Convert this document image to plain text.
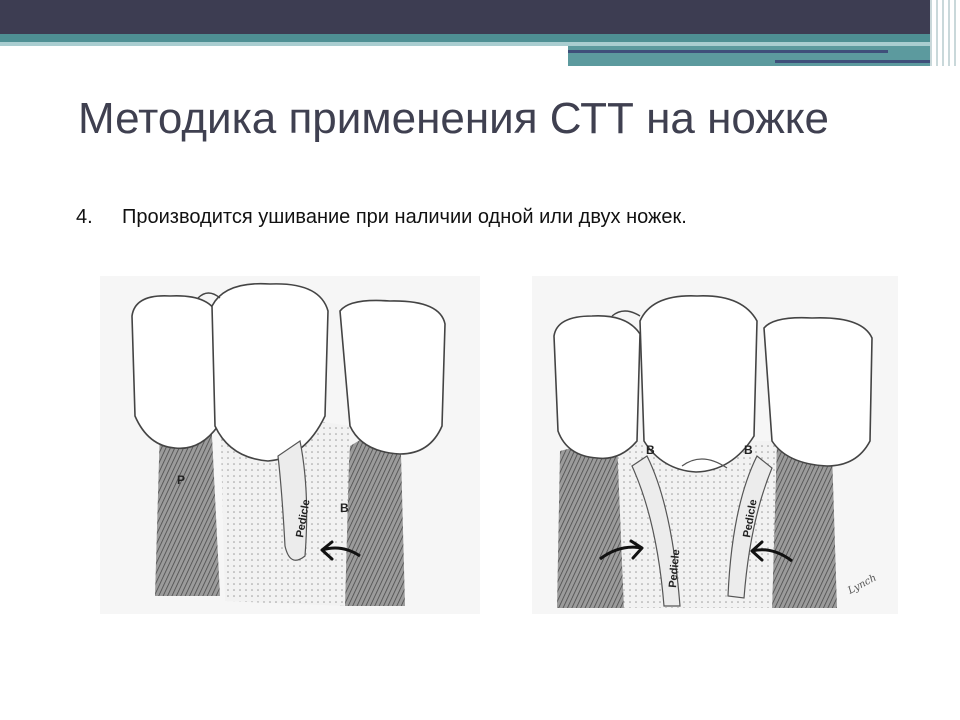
Методика применения СТТ на ножке
4. Производится ушивание при наличии одной или двух ножек.
P
B
Pedicle
B	B
Pedicle
Pedicle
Lynch
